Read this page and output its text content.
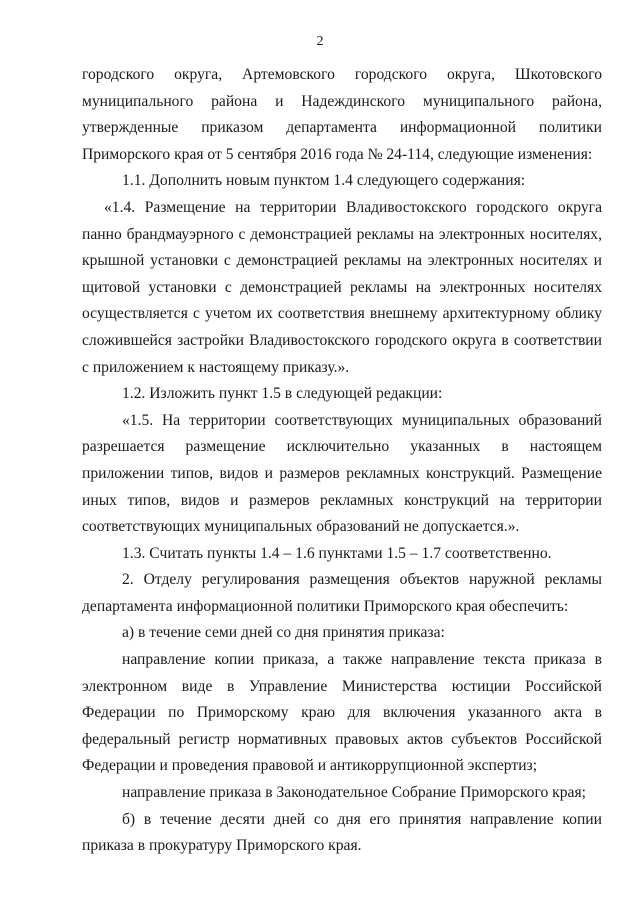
2

городского округа, Артемовского городского округа, Шкотовского муниципального района и Надеждинского муниципального района, утвержденные приказом департамента информационной политики Приморского края от 5 сентября 2016 года № 24-114, следующие изменения:

1.1. Дополнить новым пунктом 1.4 следующего содержания:

«1.4. Размещение на территории Владивостокского городского округа панно брандмауэрного с демонстрацией рекламы на электронных носителях, крышной установки с демонстрацией рекламы на электронных носителях и щитовой установки с демонстрацией рекламы на электронных носителях осуществляется с учетом их соответствия внешнему архитектурному облику сложившейся застройки Владивостокского городского округа в соответствии с приложением к настоящему приказу.».

1.2. Изложить пункт 1.5 в следующей редакции:

«1.5. На территории соответствующих муниципальных образований разрешается размещение исключительно указанных в настоящем приложении типов, видов и размеров рекламных конструкций. Размещение иных типов, видов и размеров рекламных конструкций на территории соответствующих муниципальных образований не допускается.».

1.3. Считать пункты 1.4 – 1.6 пунктами 1.5 – 1.7 соответственно.

2. Отделу регулирования размещения объектов наружной рекламы департамента информационной политики Приморского края обеспечить:

а) в течение семи дней со дня принятия приказа:

направление копии приказа, а также направление текста приказа в электронном виде в Управление Министерства юстиции Российской Федерации по Приморскому краю для включения указанного акта в федеральный регистр нормативных правовых актов субъектов Российской Федерации и проведения правовой и антикоррупционной экспертиз;

направление приказа в Законодательное Собрание Приморского края;

б) в течение десяти дней со дня его принятия направление копии приказа в прокуратуру Приморского края.
